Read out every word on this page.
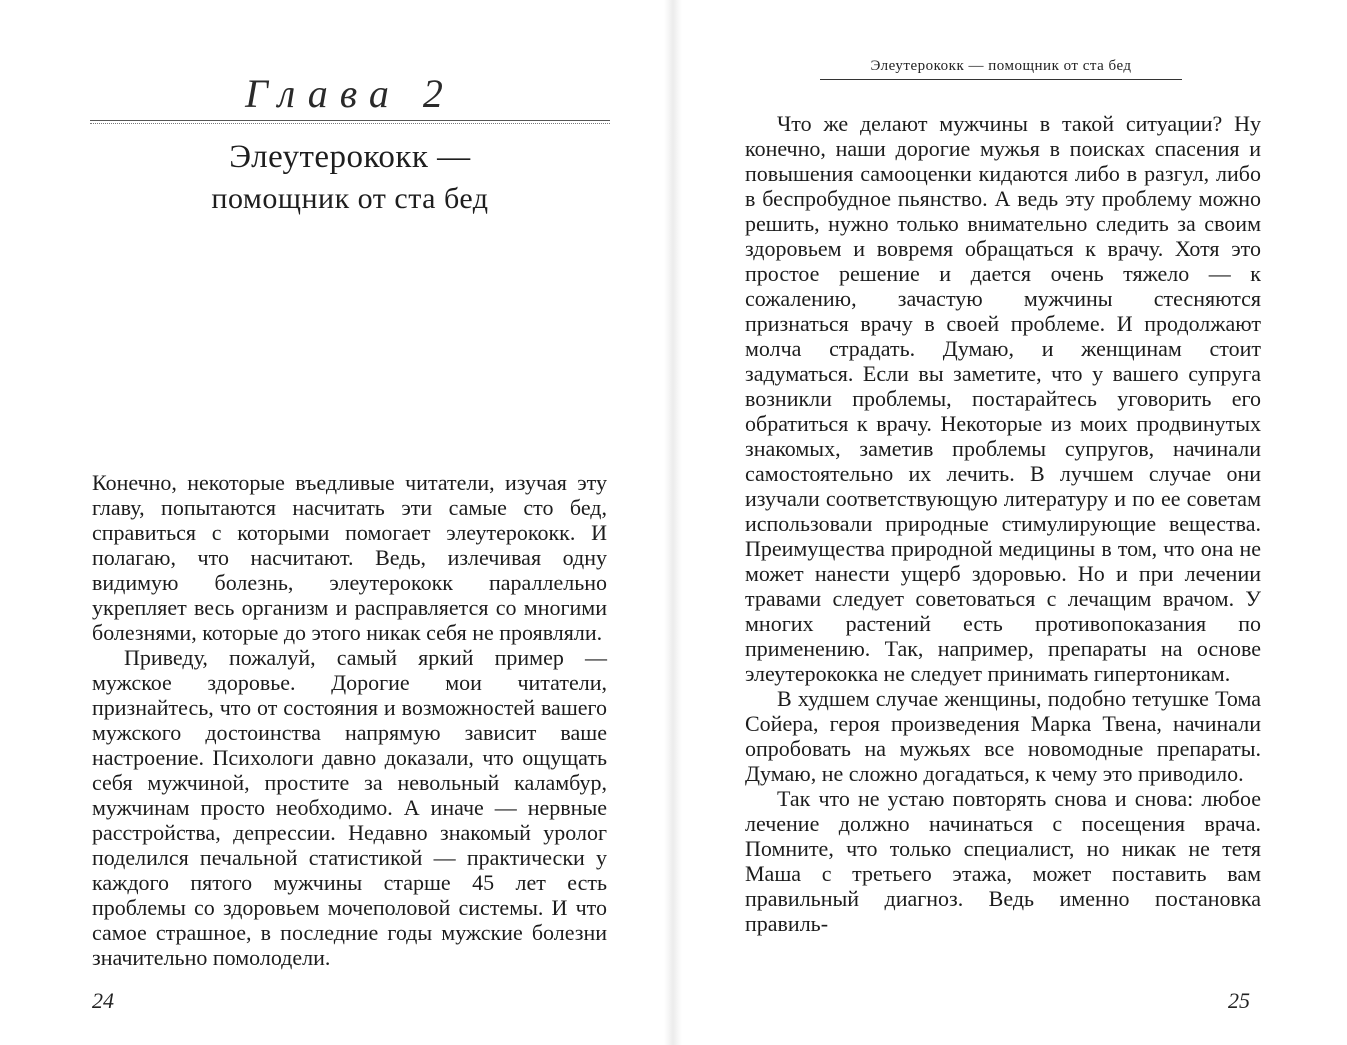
Глава 2
Элеутерококк —
помощник от ста бед

Конечно, некоторые въедливые читатели, изучая эту главу, попытаются насчитать эти самые сто бед, справиться с которыми помогает элеутерококк. И полагаю, что насчитают. Ведь, излечивая одну видимую болезнь, элеутерококк параллельно укрепляет весь организм и расправляется со многими болезнями, которые до этого никак себя не проявляли.

Приведу, пожалуй, самый яркий пример — мужское здоровье. Дорогие мои читатели, признайтесь, что от состояния и возможностей вашего мужского достоинства напрямую зависит ваше настроение. Психологи давно доказали, что ощущать себя мужчиной, простите за невольный каламбур, мужчинам просто необходимо. А иначе — нервные расстройства, депрессии. Недавно знакомый уролог поделился печальной статистикой — практически у каждого пятого мужчины старше 45 лет есть проблемы со здоровьем мочеполовой системы. И что самое страшное, в последние годы мужские болезни значительно помолодели.

24
Элеутерококк — помощник от ста бед

Что же делают мужчины в такой ситуации? Ну конечно, наши дорогие мужья в поисках спасения и повышения самооценки кидаются либо в разгул, либо в беспробудное пьянство. А ведь эту проблему можно решить, нужно только внимательно следить за своим здоровьем и вовремя обращаться к врачу. Хотя это простое решение и дается очень тяжело — к сожалению, зачастую мужчины стесняются признаться врачу в своей проблеме. И продолжают молча страдать. Думаю, и женщинам стоит задуматься. Если вы заметите, что у вашего супруга возникли проблемы, постарайтесь уговорить его обратиться к врачу. Некоторые из моих продвинутых знакомых, заметив проблемы супругов, начинали самостоятельно их лечить. В лучшем случае они изучали соответствующую литературу и по ее советам использовали природные стимулирующие вещества. Преимущества природной медицины в том, что она не может нанести ущерб здоровью. Но и при лечении травами следует советоваться с лечащим врачом. У многих растений есть противопоказания по применению. Так, например, препараты на основе элеутерококка не следует принимать гипертоникам.

В худшем случае женщины, подобно тетушке Тома Сойера, героя произведения Марка Твена, начинали опробовать на мужьях все новомодные препараты. Думаю, не сложно догадаться, к чему это приводило.

Так что не устаю повторять снова и снова: любое лечение должно начинаться с посещения врача. Помните, что только специалист, но никак не тетя Маша с третьего этажа, может поставить вам правильный диагноз. Ведь именно постановка правиль-

25
